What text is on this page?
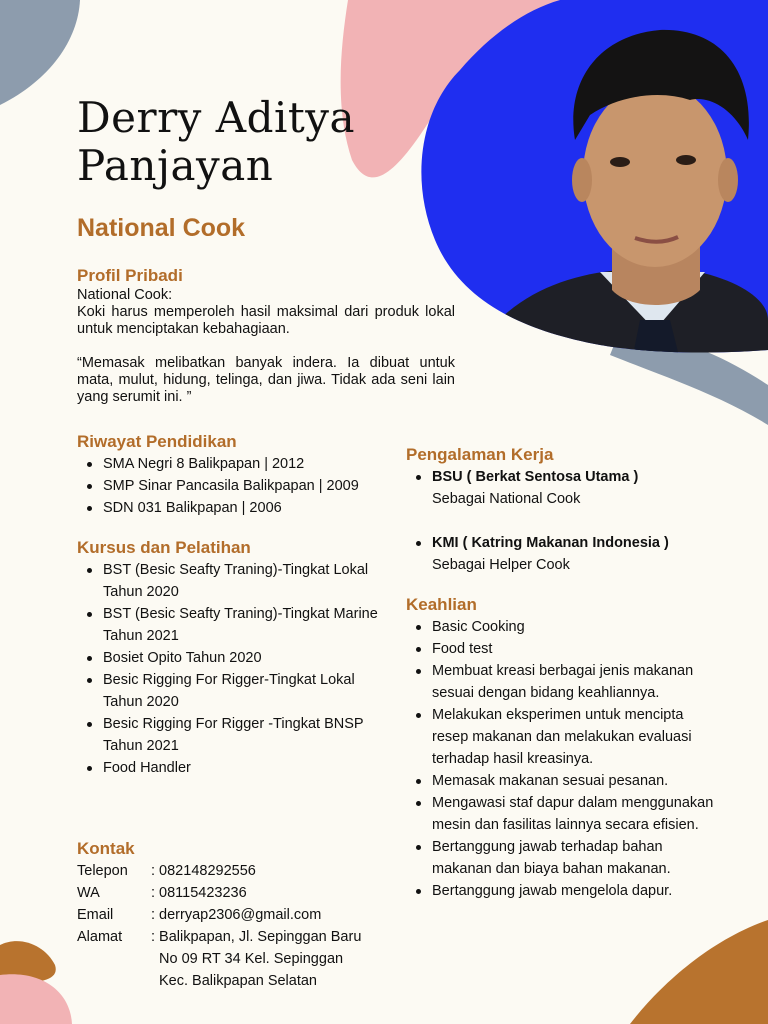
Derry Aditya
Panjayan
National Cook
Profil Pribadi

National Cook:

Koki harus memperoleh hasil maksimal dari produk lokal untuk menciptakan kebahagiaan.

“Memasak melibatkan banyak indera. Ia dibuat untuk mata, mulut, hidung, telinga, dan jiwa. Tidak ada seni lain yang serumit ini. ”

Riwayat Pendidikan
SMA Negri 8 Balikpapan | 2012
SMP Sinar Pancasila Balikpapan | 2009
SDN 031 Balikpapan | 2006
Kursus dan Pelatihan
BST (Besic Seafty Traning)-Tingkat Lokal
Tahun 2020
BST (Besic Seafty Traning)-Tingkat Marine
Tahun 2021
Bosiet Opito Tahun 2020
Besic Rigging For Rigger-Tingkat Lokal
Tahun 2020
Besic Rigging For Rigger -Tingkat BNSP
Tahun 2021
Food Handler
Kontak
Telepon	: 082148292556
WA	: 08115423236
Email	: derryap2306@gmail.com
Alamat	: Balikpapan, Jl. Sepinggan Baru
No 09 RT 34 Kel. Sepinggan
Kec. Balikpapan Selatan
Pengalaman Kerja
BSU ( Berkat Sentosa Utama )
Sebagai National Cook
KMI ( Katring Makanan Indonesia )
Sebagai Helper Cook
Keahlian
Basic Cooking
Food test
Membuat kreasi berbagai jenis makanan sesuai dengan bidang keahliannya.
Melakukan eksperimen untuk mencipta resep makanan dan melakukan evaluasi terhadap hasil kreasinya.
Memasak makanan sesuai pesanan.
Mengawasi staf dapur dalam menggunakan mesin dan fasilitas lainnya secara efisien.
Bertanggung jawab terhadap bahan makanan dan biaya bahan makanan.
Bertanggung jawab mengelola dapur.
